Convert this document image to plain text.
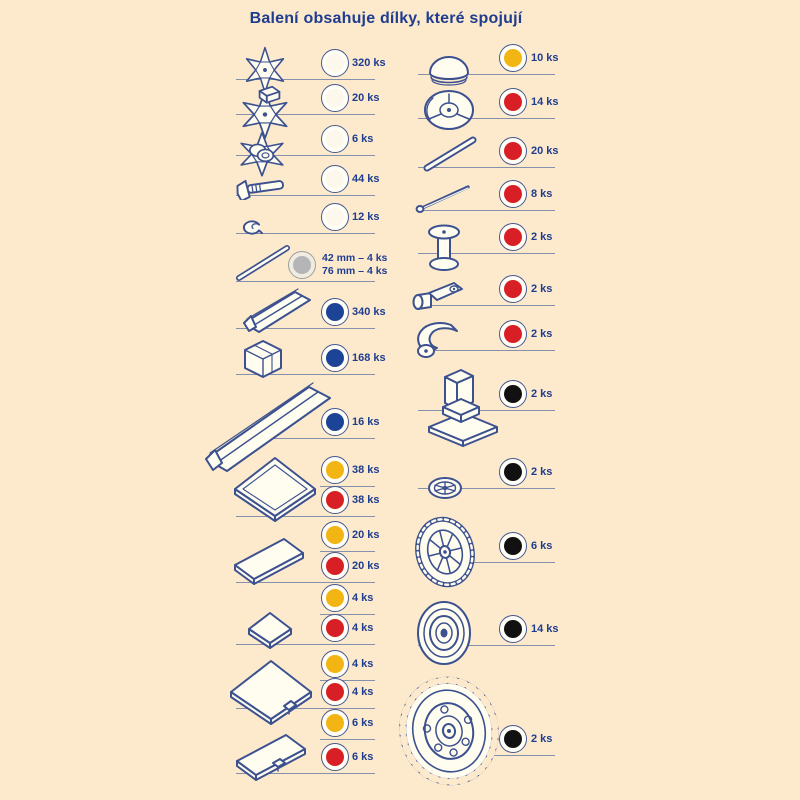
Balení obsahuje dílky, které spojují
320 ks
20 ks
6 ks
44 ks
12 ks
42 mm – 4 ks
76 mm – 4 ks
340 ks
168 ks
16 ks
38 ks
38 ks
20 ks
20 ks
4 ks
4 ks
4 ks
4 ks
6 ks
6 ks
10 ks
14 ks
20 ks
8 ks
2 ks
2 ks
2 ks
2 ks
2 ks
6 ks
14 ks
2 ks
